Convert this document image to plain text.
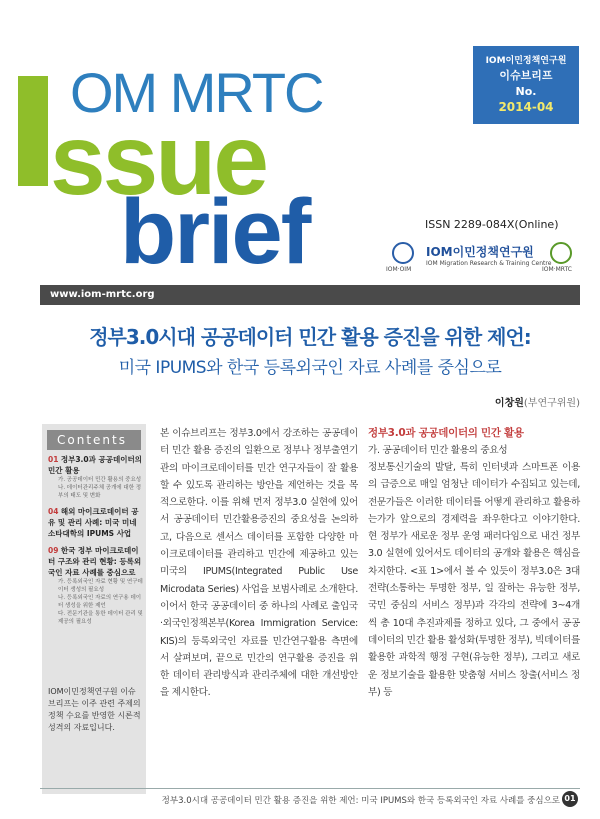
IOM이민정책연구원
이슈브리프
No.
2014-04
OM MRTC
ssue
brief	ISSN 2289-084X(Online)
IOM·OIM
IOM이민정책연구원
IOM Migration Research & Training Centre
IOM·MRTC
www.iom-mrtc.org
정부3.0시대 공공데이터 민간 활용 증진을 위한 제언:
미국 IPUMS와 한국 등록외국인 자료 사례를 중심으로
이창원(부연구위원)
Contents
01 정부3.0과 공공데이터의 민간 활용
가. 공공데이터 민간 활용의 중요성
나. 데이터관리주체 공개에 대한 정부의 태도 및 변화
04 해외 마이크로데이터 공유 및 관리 사례: 미국 미네소타대학의 IPUMS 사업
09 한국 정부 마이크로데이터 구조와 관리 현황: 등록외국인 자료 사례를 중심으로
가. 등록외국인 자료 현황 및 연구데이터 생성의 필요성
나. 등록외국인 자료의 연구용 데이터 생성을 위한 제언
다. 전문기관을 통한 데이터 관리 및 제공의 필요성
IOM이민정책연구원 이슈브리프는 이주 관련 주제의 정책 수요를 반영한 시론적 성격의 자료입니다.
본 이슈브리프는 정부3.0에서 강조하는 공공데이터 민간 활용 증진의 일환으로 정부나 정부출연기관의 마이크로데이터를 민간 연구자들이 잘 활용할 수 있도록 관리하는 방안을 제언하는 것을 목적으로한다. 이를 위해 먼저 정부3.0 실현에 있어서 공공데이터 민간활용증진의 중요성을 논의하고, 다음으로 센서스 데이터를 포함한 다양한 마이크로데이터를 관리하고 민간에 제공하고 있는 미국의 IPUMS(Integrated Public Use Microdata Series) 사업을 보범사례로 소개한다. 이어서 한국 공공데이터 중 하나의 사례로 출입국·외국인정책본부(Korea Immigration Service: KIS)의 등록외국인 자료를 민간연구활용 측면에서 살펴보며, 끝으로 민간의 연구활용 증진을 위한 데이터 관리방식과 관리주체에 대한 개선방안을 제시한다.
정부3.0과 공공데이터의 민간 활용
가. 공공데이터 민간 활용의 중요성
정보통신기술의 발달, 특히 인터넷과 스마트폰 이용의 급증으로 매일 엄청난 데이터가 수집되고 있는데, 전문가들은 이러한 데이터를 어떻게 관리하고 활용하는가가 앞으로의 경제력을 좌우한다고 이야기한다. 현 정부가 새로운 정부 운영 패러다임으로 내건 정부3.0 실현에 있어서도 데이터의 공개와 활용은 핵심을 차지한다. <표 1>에서 볼 수 있듯이 정부3.0은 3대 전략(소통하는 투명한 정부, 일 잘하는 유능한 정부, 국민 중심의 서비스 정부)과 각각의 전략에 3~4개 씩 총 10대 추진과제를 정하고 있다, 그 중에서 공공데이터의 민간 활용 활성화(투명한 정부), 빅데이터를 활용한 과학적 행정 구현(유능한 정부), 그리고 새로운 정보기술을 활용한 맞춤형 서비스 창출(서비스 정부) 등
정부3.0시대 공공데이터 민간 활용 증진을 위한 제언: 미국 IPUMS와 한국 등록외국인 자료 사례를 중심으로 01
